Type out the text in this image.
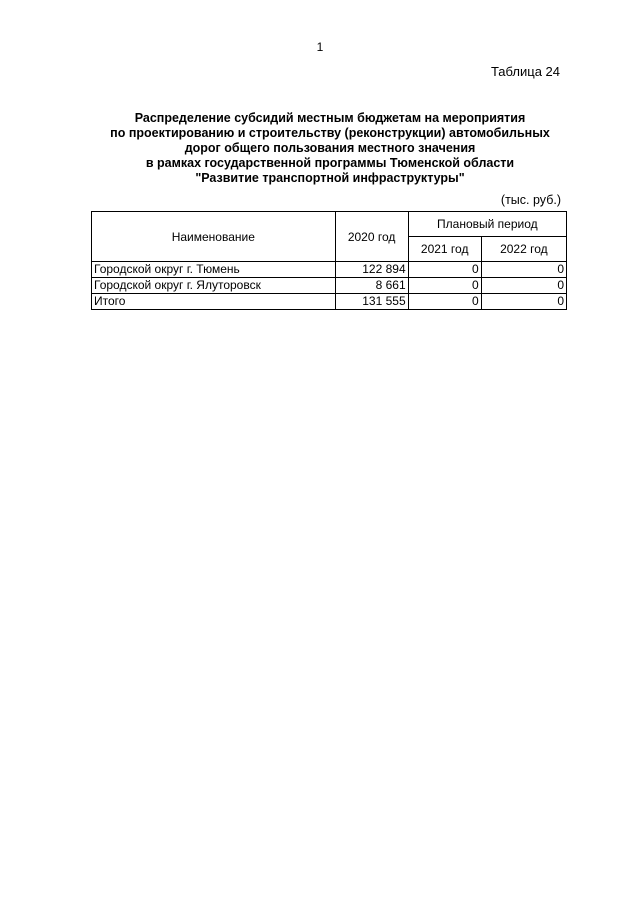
1
Таблица 24
Распределение субсидий местным бюджетам на мероприятия
по проектированию и строительству (реконструкции) автомобильных
дорог общего пользования местного значения
в рамках государственной программы Тюменской области
"Развитие транспортной инфраструктуры"
(тыс. руб.)
Наименование	2020 год	Плановый период	
		2021 год	2022 год
Городской округ г. Тюмень	122 894	0	0
Городской округ г. Ялуторовск	8 661	0	0
Итого	131 555	0	0
